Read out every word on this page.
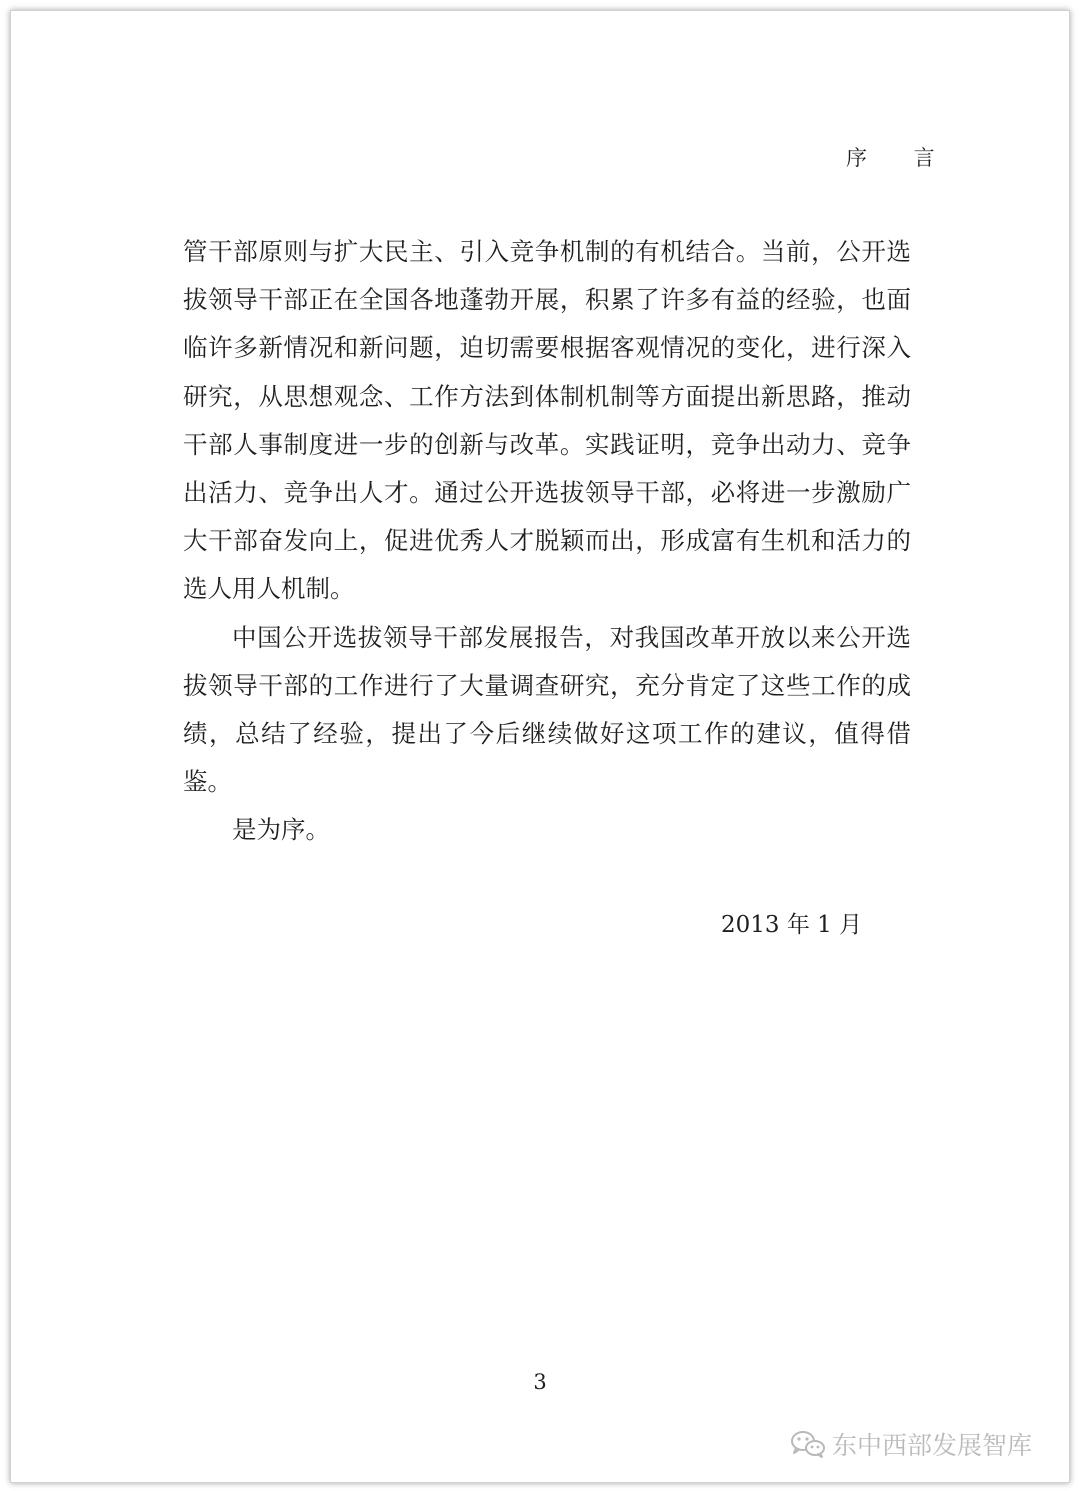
序 言

管干部原则与扩大民主、引入竞争机制的有机结合。当前，公开选拔领导干部正在全国各地蓬勃开展，积累了许多有益的经验，也面临许多新情况和新问题，迫切需要根据客观情况的变化，进行深入研究，从思想观念、工作方法到体制机制等方面提出新思路，推动干部人事制度进一步的创新与改革。实践证明，竞争出动力、竞争出活力、竞争出人才。通过公开选拔领导干部，必将进一步激励广大干部奋发向上，促进优秀人才脱颖而出，形成富有生机和活力的选人用人机制。

中国公开选拔领导干部发展报告，对我国改革开放以来公开选拔领导干部的工作进行了大量调查研究，充分肯定了这些工作的成绩，总结了经验，提出了今后继续做好这项工作的建议，值得借鉴。

是为序。

2013 年 1 月
3
东中西部发展智库
